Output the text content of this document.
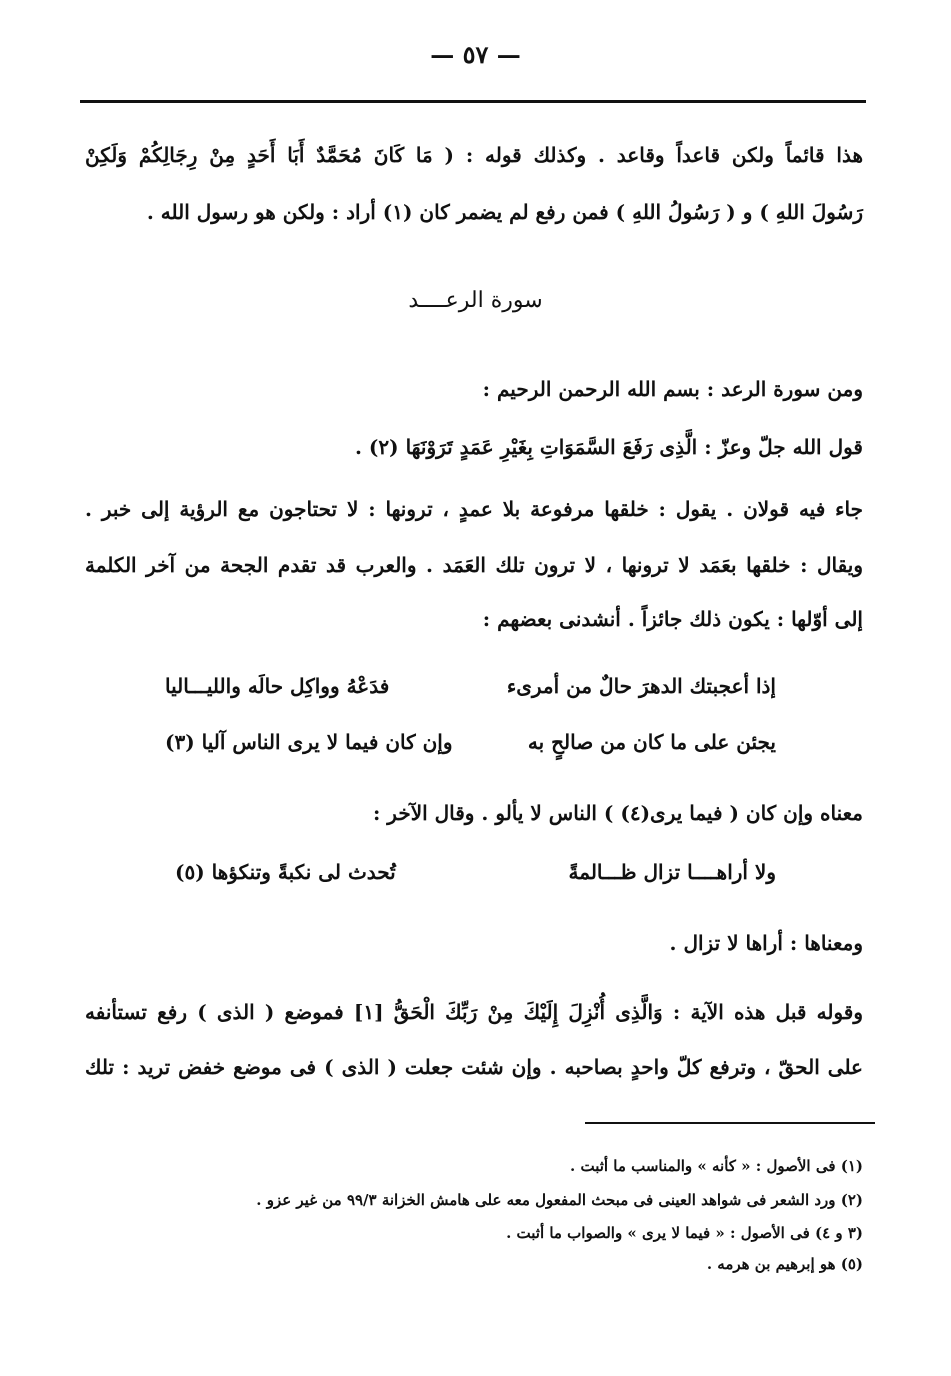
— ٥٧ —
هذا قائماً ولكن قاعداً وقاعد . وكذلك قوله : ( مَا كَانَ مُحَمَّدٌ أَبَا أَحَدٍ مِنْ رِجَالِكُمْ وَلَكِنْ
رَسُولَ اللهِ ) و ( رَسُولُ اللهِ ) فمن رفع لم يضمر كان (١) أراد : ولكن هو رسول الله .
سورة الرعــــد
ومن سورة الرعد : بسم الله الرحمن الرحيم :
قول الله جلّ وعزّ : الَّذِى رَفَعَ السَّمَوَاتِ بِغَيْرِ عَمَدٍ تَرَوْنَهَا (٢) .
جاء فيه قولان . يقول : خلقها مرفوعة بلا عمدٍ ، ترونها : لا تحتاجون مع الرؤية إلى خبر .
ويقال : خلقها بعَمَد لا ترونها ، لا ترون تلك العَمَد . والعرب قد تقدم الجحة من آخر الكلمة
إلى أوّلها : يكون ذلك جائزاً . أنشدنى بعضهم :
إذا أعجبتك الدهرَ حالٌ من أمرىء
فدَعْهُ وواكِل حالَه والليـــاليا
يجئن على ما كان من صالحٍ به
وإن كان فيما لا يرى الناس آليا (٣)
معناه وإن كان ( فيما يرى(٤) ) الناس لا يألو . وقال الآخر :
ولا أراهــــا تزال ظـــالمةً
تُحدث لى نكبةً وتنكؤها (٥)
ومعناها : أراها لا تزال .
وقوله قبل هذه الآية : وَالَّذِى أُنْزِلَ إِلَيْكَ مِنْ رَبِّكَ الْحَقُّ [١] فموضع ( الذى ) رفع تستأنفه
على الحقّ ، وترفع كلّ واحدٍ بصاحبه . وإن شئت جعلت ( الذى ) فى موضع خفض تريد : تلك
(١) فى الأصول : « كأنه » والمناسب ما أثبت .
(٢) ورد الشعر فى شواهد العينى فى مبحث المفعول معه على هامش الخزانة ٩٩/٣ من غير عزو .
(٣ و ٤) فى الأصول : « فيما لا يرى » والصواب ما أثبت .
(٥) هو إبرهيم بن هرمه .
